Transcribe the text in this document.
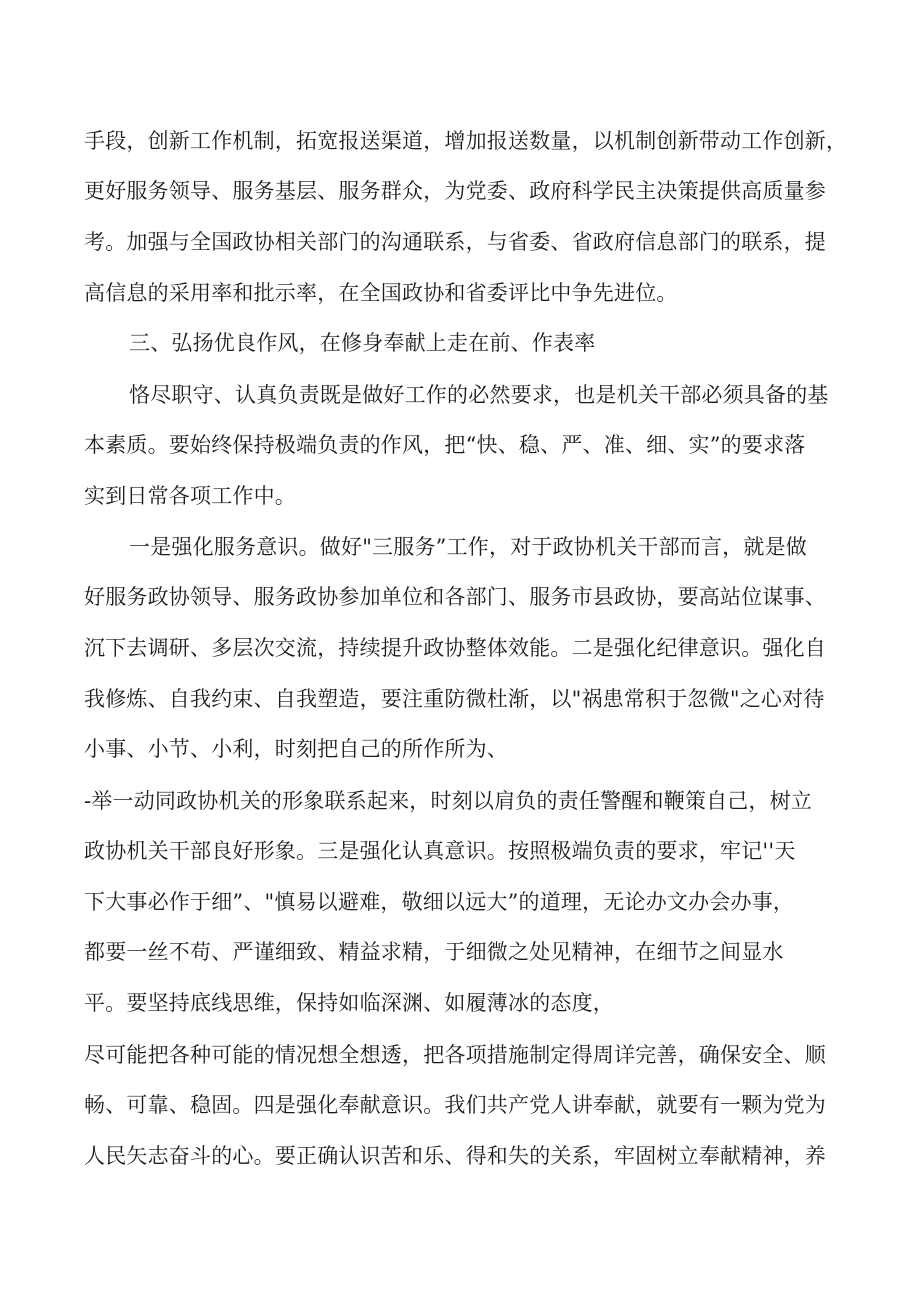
手段，创新工作机制，拓宽报送渠道，增加报送数量，以机制创新带动工作创新，
更好服务领导、服务基层、服务群众，为党委、政府科学民主决策提供高质量参
考。加强与全国政协相关部门的沟通联系，与省委、省政府信息部门的联系，提
高信息的采用率和批示率，在全国政协和省委评比中争先进位。
三、弘扬优良作风，在修身奉献上走在前、作表率
恪尽职守、认真负责既是做好工作的必然要求，也是机关干部必须具备的基
本素质。要始终保持极端负责的作风，把“快、稳、严、准、细、实”的要求落
实到日常各项工作中。
一是强化服务意识。做好"三服务”工作，对于政协机关干部而言，就是做
好服务政协领导、服务政协参加单位和各部门、服务市县政协，要高站位谋事、
沉下去调研、多层次交流，持续提升政协整体效能。二是强化纪律意识。强化自
我修炼、自我约束、自我塑造，要注重防微杜渐，以"祸患常积于忽微"之心对待
小事、小节、小利，时刻把自己的所作所为、
-举一动同政协机关的形象联系起来，时刻以肩负的责任警醒和鞭策自己，树立
政协机关干部良好形象。三是强化认真意识。按照极端负责的要求，牢记''天
下大事必作于细”、"慎易以避难，敬细以远大”的道理，无论办文办会办事，
都要一丝不苟、严谨细致、精益求精，于细微之处见精神，在细节之间显水
平。要坚持底线思维，保持如临深渊、如履薄冰的态度，
尽可能把各种可能的情况想全想透，把各项措施制定得周详完善，确保安全、顺
畅、可靠、稳固。四是强化奉献意识。我们共产党人讲奉献，就要有一颗为党为
人民矢志奋斗的心。要正确认识苦和乐、得和失的关系，牢固树立奉献精神，养
